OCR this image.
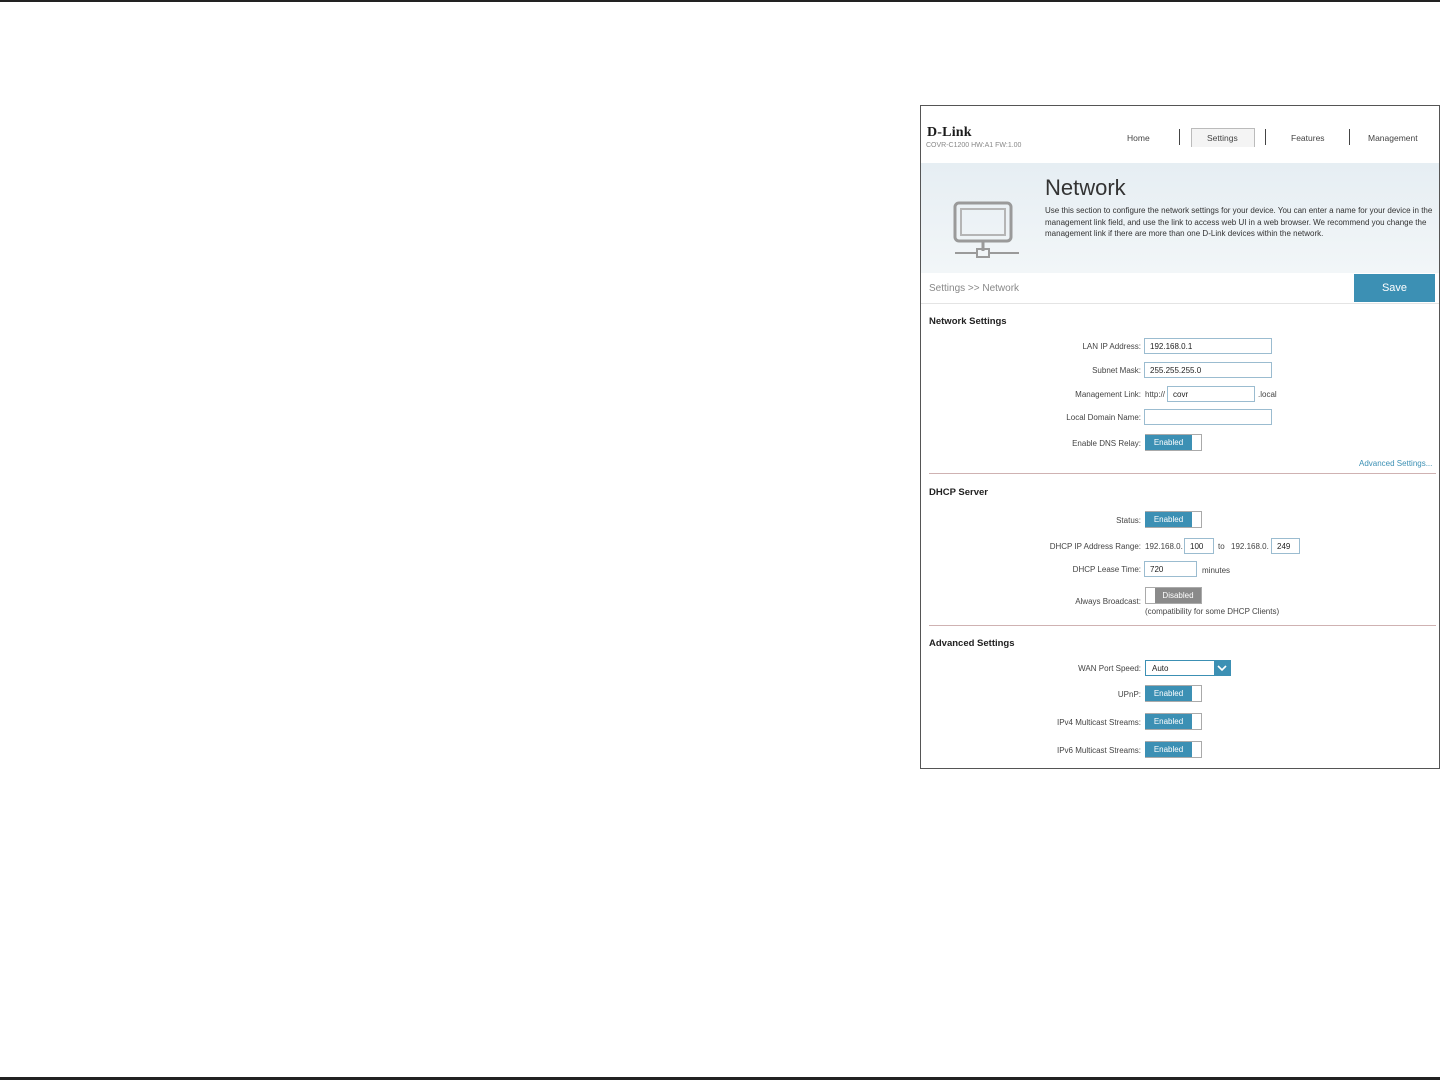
D-Link
COVR-C1200 HW:A1 FW:1.00
Home	Settings	Features	Management
Network
Use this section to configure the network settings for your device. You can enter a name for your device in the management link field, and use the link to access web UI in a web browser. We recommend you change the management link if there are more than one D-Link devices within the network.
Settings >> Network	Save
Network Settings
LAN IP Address:
192.168.0.1
Subnet Mask:
255.255.255.0
Management Link: http://
covr	.local
Local Domain Name:
Enable DNS Relay:	Enabled
Advanced Settings...
DHCP Server
Status:	Enabled
DHCP IP Address Range: 192.168.0.
100	to 192.168.0.
249
DHCP Lease Time:
720	minutes
Always Broadcast:
Disabled
(compatibility for some DHCP Clients)
Advanced Settings
WAN Port Speed: Auto
UPnP:	Enabled
IPv4 Multicast Streams:	Enabled
IPv6 Multicast Streams:	Enabled
